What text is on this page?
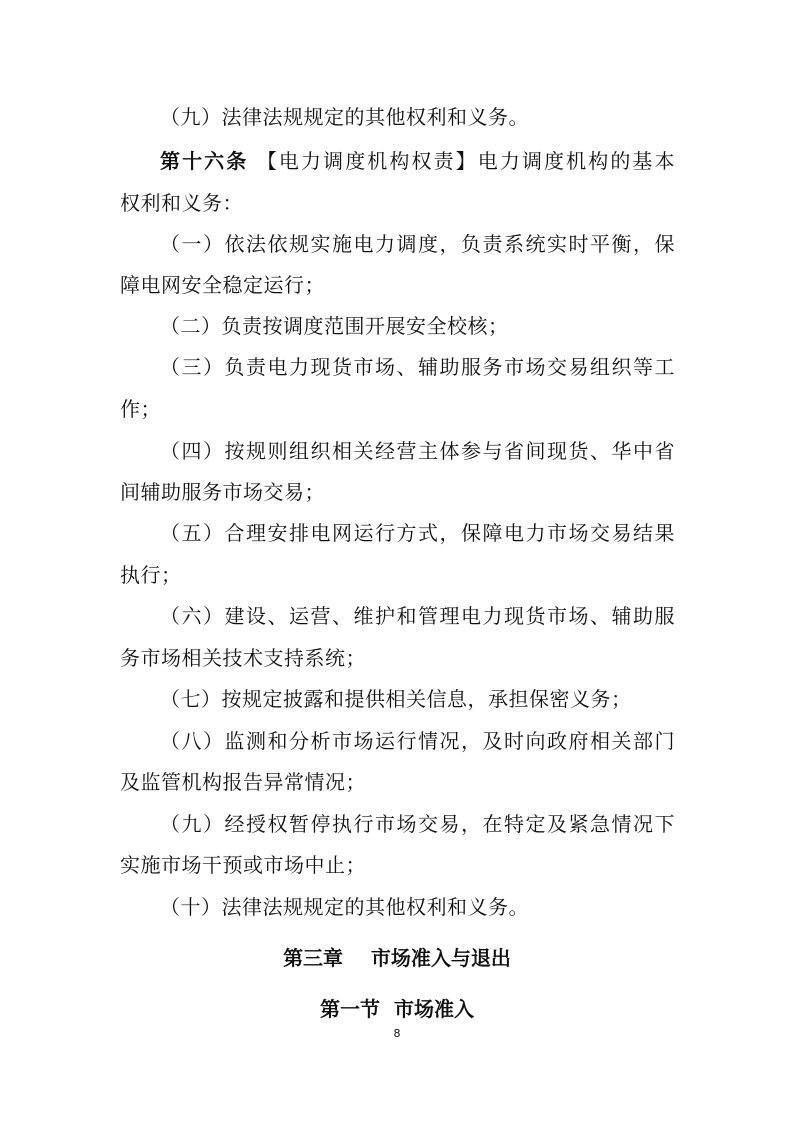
（九）法律法规规定的其他权利和义务。
第十六条 【电力调度机构权责】电力调度机构的基本
权利和义务：
（一）依法依规实施电力调度，负责系统实时平衡，保
障电网安全稳定运行；
（二）负责按调度范围开展安全校核；
（三）负责电力现货市场、辅助服务市场交易组织等工
作；
（四）按规则组织相关经营主体参与省间现货、华中省
间辅助服务市场交易；
（五）合理安排电网运行方式，保障电力市场交易结果
执行；
（六）建设、运营、维护和管理电力现货市场、辅助服
务市场相关技术支持系统；
（七）按规定披露和提供相关信息，承担保密义务；
（八）监测和分析市场运行情况，及时向政府相关部门
及监管机构报告异常情况；
（九）经授权暂停执行市场交易，在特定及紧急情况下
实施市场干预或市场中止；
（十）法律法规规定的其他权利和义务。
第三章    市场准入与退出
第一节  市场准入
8
